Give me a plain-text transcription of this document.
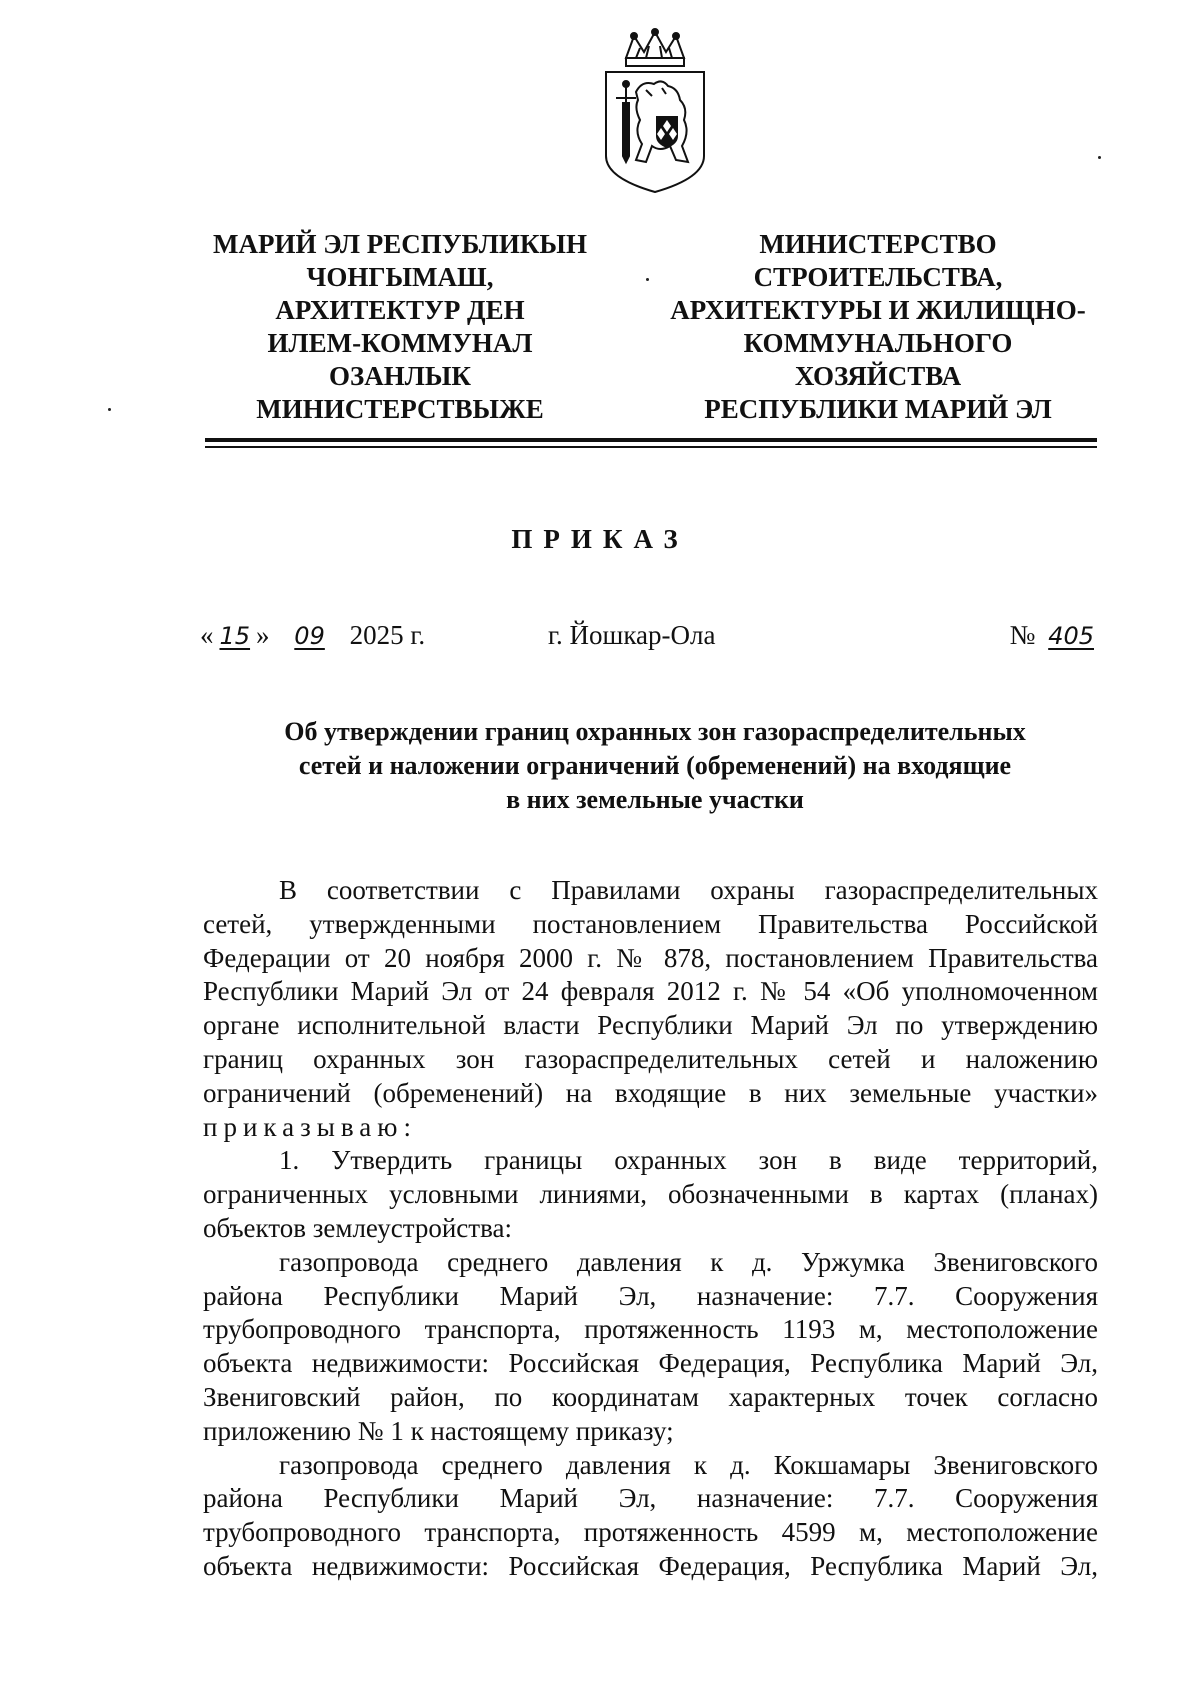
МАРИЙ ЭЛ РЕСПУБЛИКЫН
ЧОНГЫМАШ,
АРХИТЕКТУР ДЕН
ИЛЕМ-КОММУНАЛ
ОЗАНЛЫК
МИНИСТЕРСТВЫЖЕ
МИНИСТЕРСТВО
СТРОИТЕЛЬСТВА,
АРХИТЕКТУРЫ И ЖИЛИЩНО-
КОММУНАЛЬНОГО
ХОЗЯЙСТВА
РЕСПУБЛИКИ МАРИЙ ЭЛ
ПРИКАЗ
« 15 » 09 2025 г.	г. Йошкар-Ола	№ 405
Об утверждении границ охранных зон газораспределительных
сетей и наложении ограничений (обременений) на входящие
в них земельные участки
В соответствии с Правилами охраны газораспределительных
сетей, утвержденными постановлением Правительства Российской
Федерации от 20 ноября 2000 г. № 878, постановлением Правительства
Республики Марий Эл от 24 февраля 2012 г. № 54 «Об уполномоченном
органе исполнительной власти Республики Марий Эл по утверждению
границ охранных зон газораспределительных сетей и наложению
ограничений (обременений) на входящие в них земельные участки»
приказываю:
1. Утвердить границы охранных зон в виде территорий,
ограниченных условными линиями, обозначенными в картах (планах)
объектов землеустройства:
газопровода среднего давления к д. Уржумка Звениговского
района Республики Марий Эл, назначение: 7.7. Сооружения
трубопроводного транспорта, протяженность 1193 м, местоположение
объекта недвижимости: Российская Федерация, Республика Марий Эл,
Звениговский район, по координатам характерных точек согласно
приложению № 1 к настоящему приказу;
газопровода среднего давления к д. Кокшамары Звениговского
района Республики Марий Эл, назначение: 7.7. Сооружения
трубопроводного транспорта, протяженность 4599 м, местоположение
объекта недвижимости: Российская Федерация, Республика Марий Эл,
